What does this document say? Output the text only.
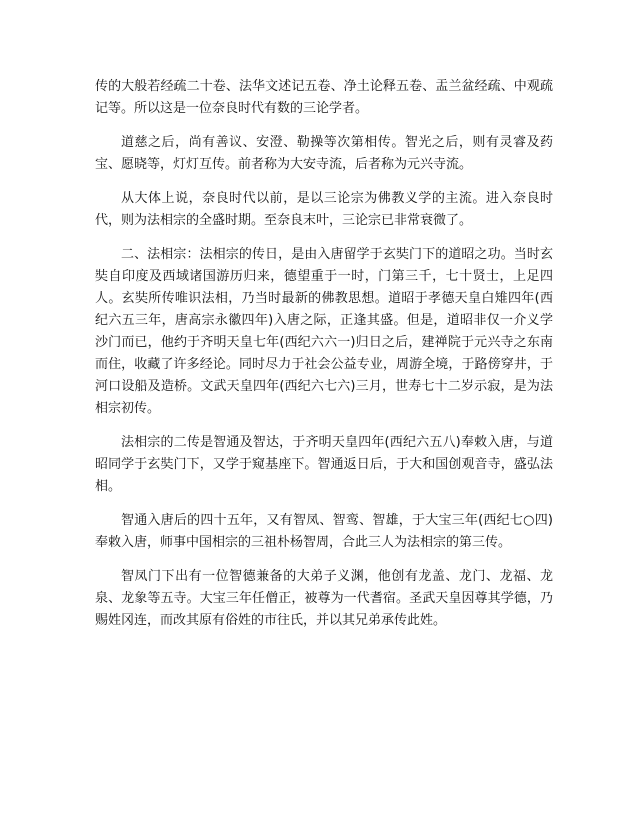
传的大般若经疏二十卷、法华文述记五卷、净土论释五卷、盂兰盆经疏、中观疏记等。所以这是一位奈良时代有数的三论学者。

道慈之后，尚有善议、安澄、勒操等次第相传。智光之后，则有灵睿及药宝、愿晓等，灯灯互传。前者称为大安寺流，后者称为元兴寺流。

从大体上说，奈良时代以前，是以三论宗为佛教义学的主流。进入奈良时代，则为法相宗的全盛时期。至奈良末叶，三论宗已非常衰微了。

二、法相宗：法相宗的传日，是由入唐留学于玄奘门下的道昭之功。当时玄奘自印度及西域诸国游历归来，德望重于一时，门第三千，七十贤士，上足四人。玄奘所传唯识法相，乃当时最新的佛教思想。道昭于孝德天皇白雉四年(西纪六五三年，唐高宗永徽四年)入唐之际，正逢其盛。但是，道昭非仅一介义学沙门而已，他约于齐明天皇七年(西纪六六一)归日之后，建禅院于元兴寺之东南而住，收藏了许多经论。同时尽力于社会公益专业，周游全境，于路傍穿井，于河口设船及造桥。文武天皇四年(西纪六七六)三月，世寿七十二岁示寂，是为法相宗初传。

法相宗的二传是智通及智达，于齐明天皇四年(西纪六五八)奉敕入唐，与道昭同学于玄奘门下，又学于窥基座下。智通返日后，于大和国创观音寺，盛弘法相。

智通入唐后的四十五年，又有智凤、智鸾、智雄，于大宝三年(西纪七○四)奉敕入唐，师事中国相宗的三祖朴杨智周，合此三人为法相宗的第三传。

智凤门下出有一位智德兼备的大弟子义渊，他创有龙盖、龙门、龙福、龙泉、龙象等五寺。大宝三年任僧正，被尊为一代耆宿。圣武天皇因尊其学德，乃赐姓冈连，而改其原有俗姓的市往氏，并以其兄弟承传此姓。
